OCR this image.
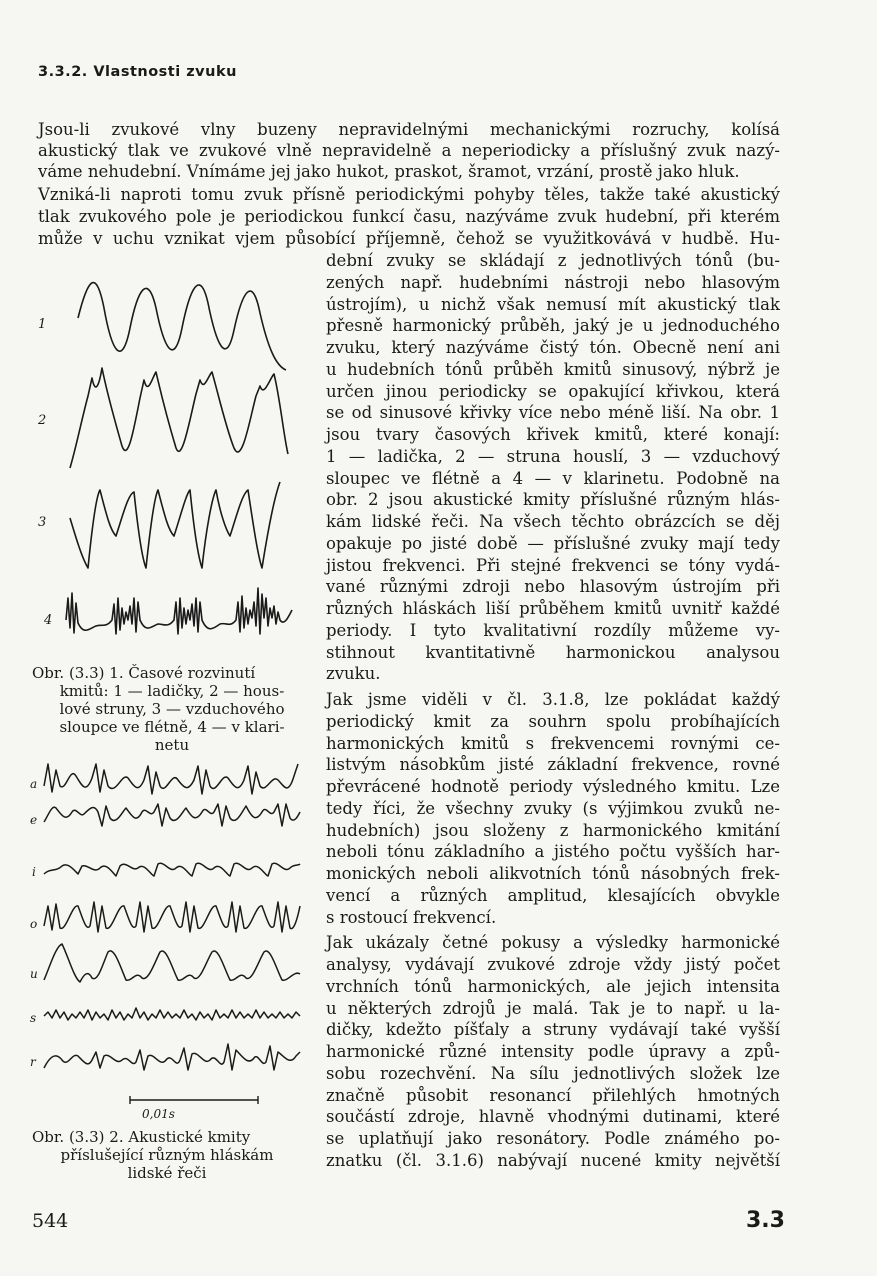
3.3.2. Vlastnosti zvuku
Jsou-li zvukové vlny buzeny nepravidelnými mechanickými rozruchy, kolísá
akustický tlak ve zvukové vlně nepravidelně a neperiodicky a příslušný zvuk nazý-
váme nehudební. Vnímáme jej jako hukot, praskot, šramot, vrzání, prostě jako hluk.
Vzniká-li naproti tomu zvuk přísně periodickými pohyby těles, takže také akustický
tlak zvukového pole je periodickou funkcí času, nazýváme zvuk hudební, při kterém
může v uchu vznikat vjem působící příjemně, čehož se využitkovává v hudbě. Hu-
dební zvuky se skládají z jednotlivých tónů (bu-
zených např. hudebními nástroji nebo hlasovým
ústrojím), u nichž však nemusí mít akustický tlak
přesně harmonický průběh, jaký je u jednoduchého
zvuku, který nazýváme čistý tón. Obecně není ani
u hudebních tónů průběh kmitů sinusový, nýbrž je
určen jinou periodicky se opakující křivkou, která
se od sinusové křivky více nebo méně liší. Na obr. 1
jsou tvary časových křivek kmitů, které konají:
1 — ladička, 2 — struna houslí, 3 — vzduchový
sloupec ve flétně a 4 — v klarinetu. Podobně na
obr. 2 jsou akustické kmity příslušné různým hlás-
kám lidské řeči. Na všech těchto obrázcích se děj
opakuje po jisté době — příslušné zvuky mají tedy
jistou frekvenci. Při stejné frekvenci se tóny vydá-
vané různými zdroji nebo hlasovým ústrojím při
různých hláskách liší průběhem kmitů uvnitř každé
periody. I tyto kvalitativní rozdíly můžeme vy-
stihnout kvantitativně harmonickou analysou
zvuku.
Jak jsme viděli v čl. 3.1.8, lze pokládat každý
periodický kmit za souhrn spolu probíhajících
harmonických kmitů s frekvencemi rovnými ce-
listvým násobkům jisté základní frekvence, rovné
převrácené hodnotě periody výsledného kmitu. Lze
tedy říci, že všechny zvuky (s výjimkou zvuků ne-
hudebních) jsou složeny z harmonického kmitání
neboli tónu základního a jistého počtu vyšších har-
monických neboli alikvotních tónů násobných frek-
vencí a různých amplitud, klesajících obvykle
s rostoucí frekvencí.
Jak ukázaly četné pokusy a výsledky harmonické
analysy, vydávají zvukové zdroje vždy jistý počet
vrchních tónů harmonických, ale jejich intensita
u některých zdrojů je malá. Tak je to např. u la-
dičky, kdežto píšťaly a struny vydávají také vyšší
harmonické různé intensity podle úpravy a způ-
sobu rozechvění. Na sílu jednotlivých složek lze
značně působit resonancí přilehlých hmotných
součástí zdroje, hlavně vhodnými dutinami, které
se uplatňují jako resonátory. Podle známého po-
znatku (čl. 3.1.6) nabývají nucené kmity největší
1
2
3
4
Obr. (3.3) 1. Časové rozvinutí
kmitů: 1 — ladičky, 2 — hous-
lové struny, 3 — vzduchového
sloupce ve flétně, 4 — v klari-
netu
a
e
i
o
u
s
r
0,01s
Obr. (3.3) 2. Akustické kmity
příslušející různým hláskám
lidské řeči
544	3.3
